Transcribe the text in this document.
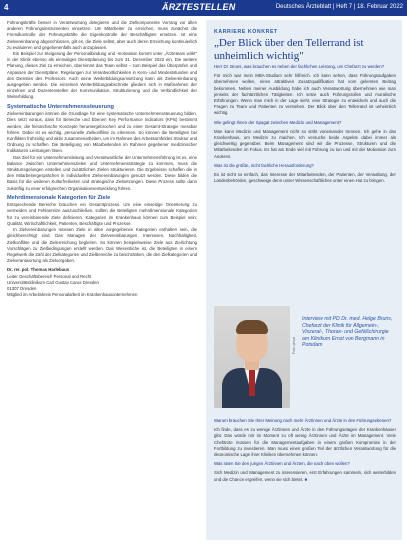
4	ÄRZTESTELLEN	Deutsches Ärzteblatt | Heft 7 | 18. Februar 2022

Führungskräfte besser in Verantwortung delegieren und die Zielkomponente Vorrang vor allen anderen Führungsinstrumenten einsetzen. Um Mitarbeiter zu erreichen, muss zunächst die Fremdkontrolle der Führungskräfte die Eigenkontrolle der Beschäftigten ersetzen. Ist eine Zielvereinbarung abgeschlossen, gilt es, die Ziele selbst, aber auch deren Erreichung kontinuierlich zu evaluieren und gegebenenfalls auch anzupassen.

Ein Beispiel zur Steigerung der Personalbindung und -motivation kommt unter „Ärzteteam wirkt" in der Klinik ebenso als einmaliges Dienstplanung bis zum 31. Dezember 2022 ein. Die weitere Planung, dieses Ziel zu erreichen, übernimmt das Team selbst – zum Beispiel das Überprüfen und Anpassen der Dienstpläne. Regelungen zur Verantwortlichkeiten in Kern- und Mindeststunden und des Dienstes des Professors. Auch seine Weiterbildungsumsetzung kann als Zielvereinbarung ausgegeben werden. Die einzelnen Weiterbildungsabschnitte gliedern sich in Maßnahmen der einzelnen und Dozentenstellen der Kommunikation, Strukturierung und die Verbindlichkeit der Weiterbildung.

Systematische Unternehmenssteuerung

Zielvereinbarungen können die Grundlage für eine systematische Unternehmenssteuerung bilden. Dies setzt voraus, dass für Bereiche und Ebenen Key Performance Indicators (KPIs) bestimmt werden, die hierarchische Konzepte heruntergebrochen und zu einer Gesamt-Strategie messbar führen. Dabei ist es wichtig, personelle Zielkonflikte zu erkennen. So können die Beteiligten bei Konflikten frühzeitig und aktiv zusammenarbeiten, um im Rahmen des Arbeitsumfeldes Struktur und Ordnung zu schaffen. Die Beteiligung von Mitarbeitenden im Rahmen gegebener medizinischer Indikatoren Leistungen lösen.

Das Ziel für ein Unternehmensleitung und Verantwortliche der Unternehmensführung ist es, eine Balance zwischen Unternehmenszielen und Unternehmensstrategie zu kommen, muss die Strukturregelungen erstellen und zusätzlichen Zielen strukturieren. Die Ergebnisse schaffen die in den Mitarbeitergesprächen in individuellen Zielvereinbarungen genutzt werden. Diese bilden die Basis für die weiteren Kulturfreiheiten und strategische Zielsetzungen. Diese Prozess sollte dann zukünftig zu einer erfolgreichen Organisationsentwicklung führen.

Mehrdimensionale Kategorien für Ziele

Entsprechende Bereiche brauchen ein Gesamtprozess. Um eine einseitige Orientierung zu vermeiden und Fehlanreize auszuschließen, sollten die Beteiligten mehrdimensionale Kategorien für zu vereinbarende Ziele definieren. Kategorien im Krankenhaus können zum Beispiel sein: Qualität, Wirtschaftlichkeit, Patienten, Beschäftigte und Prozesse.

In Zielvereinbarungen müssen Ziele in allen vorgegebenen Kategorien enthalten sein, die gleichberechtigt sind. Das Managen der Zielvereinbarungen, Interessen, Nachhaltigkeit, Zielkonflikte und die Zielerreichung begleiten. So können beispielsweise Ziele aus Zielrichtung Vorschlägen zu Zielbedingungen erstellt werden. Das Wesentliche ist, die Beteiligten in einem Regelwerk die Zahl der Zielkategorien und Zielbereiche zu beschränken, die den Zielkategorien und Zielverantwortung als Zielvorgaben.

Dr. rer. pol. Thomas Harlebaus
Leiter Geschäftsbereich Personal und Recht
Universitätsklinikum Carl Gustav Carus Dresden
01307 Dresden
Mitglied im Arbeitskreis Personalarbeit im Krankenhausunternehmen
KARRIERE KONKRET
„Der Blick über den Tellerrand ist unheimlich wichtig"

Herr Dr. Bruns, was brauchen es neben der fachlichen Leistung, um Chefarzt zu werden?

Für mich war mein MBA-Studium sehr hilfreich. Ich kann sehen, dass Führungsaufgaben übernehmen wollen, einen attraktiven Zusatzqualifikation hat vom gelernten Beitrag bekommen. Neben meiner Ausbildung habe ich auch Verantwortung übernehmen wie man jenseits der fachärztlichen Tätigkeiten. Ich setze auch Führungsrollen und moralische Erfahrungen. Wenn man mich in der Lage sieht, eine Strategie zu entwickeln und auch die Fragen zu Team und Patienten zu verstehen. Der Blick über den Tellerrand ist unheimlich wichtig.

Wie gelingt Ihnen der Spagat zwischen Medizin und Management?

Man kann Medizin und Management nicht so strikt voneinander trennen. Ich gehe in das Krankenhaus, um Medizin zu machen. Ich versuche beide Aspekte dabei immer als gleichwertig gegenüber. Beim Management sind wir die Prozesse, Strukturen und die Mitarbeitenden im Fokus. Es hat am Ende viel mit Führung zu tun und mit der Motivation zum Anderen.

Was ist die größte, nicht fachliche Herausforderung?

Es ist nicht so einfach, das Interesse der Mitarbeitenden, der Patienten, der Verwaltung, der Landesbehörden, geschweige denn unser Wissenschaftliches unter einen Hut zu bringen.

Foto: privat
Interview mit PD Dr. med. Helge Bruns, Chefarzt der Klinik für Allgemein-, Viszeral-, Thorax- und Gefäßchirurgie am Klinikum Ernst von Bergmann in Potsdam

Warum brauchen Sie Ihrer Meinung nach mehr Ärztinnen und Ärzte in den Führungsebenen?

Ich finde, dass es zu wenige Ärztinnen und Ärzte in den Führungsetagen der Krankenhäuser gibt. Das würde mir im Moment zu oft wenig Ärztinnen und Ärzte im Management. Viele Chefärzte müssen für die Managementaufgaben in einem großen Kompromiss in der Fortbildung zu investieren. Man muss einen großen Teil der ärztlichen Verantwortung für die ökonomische Lage ihrer Kliniken übernehmen können.

Was raten Sie den jungen Ärztinnen und Ärzten, die nach oben wollen?

Sich Medizin und Management zu interessieren, erst Erfahrungen sammeln, sich weiterbilden und die Chance ergreifen, wenn sie sich bietet. ■
